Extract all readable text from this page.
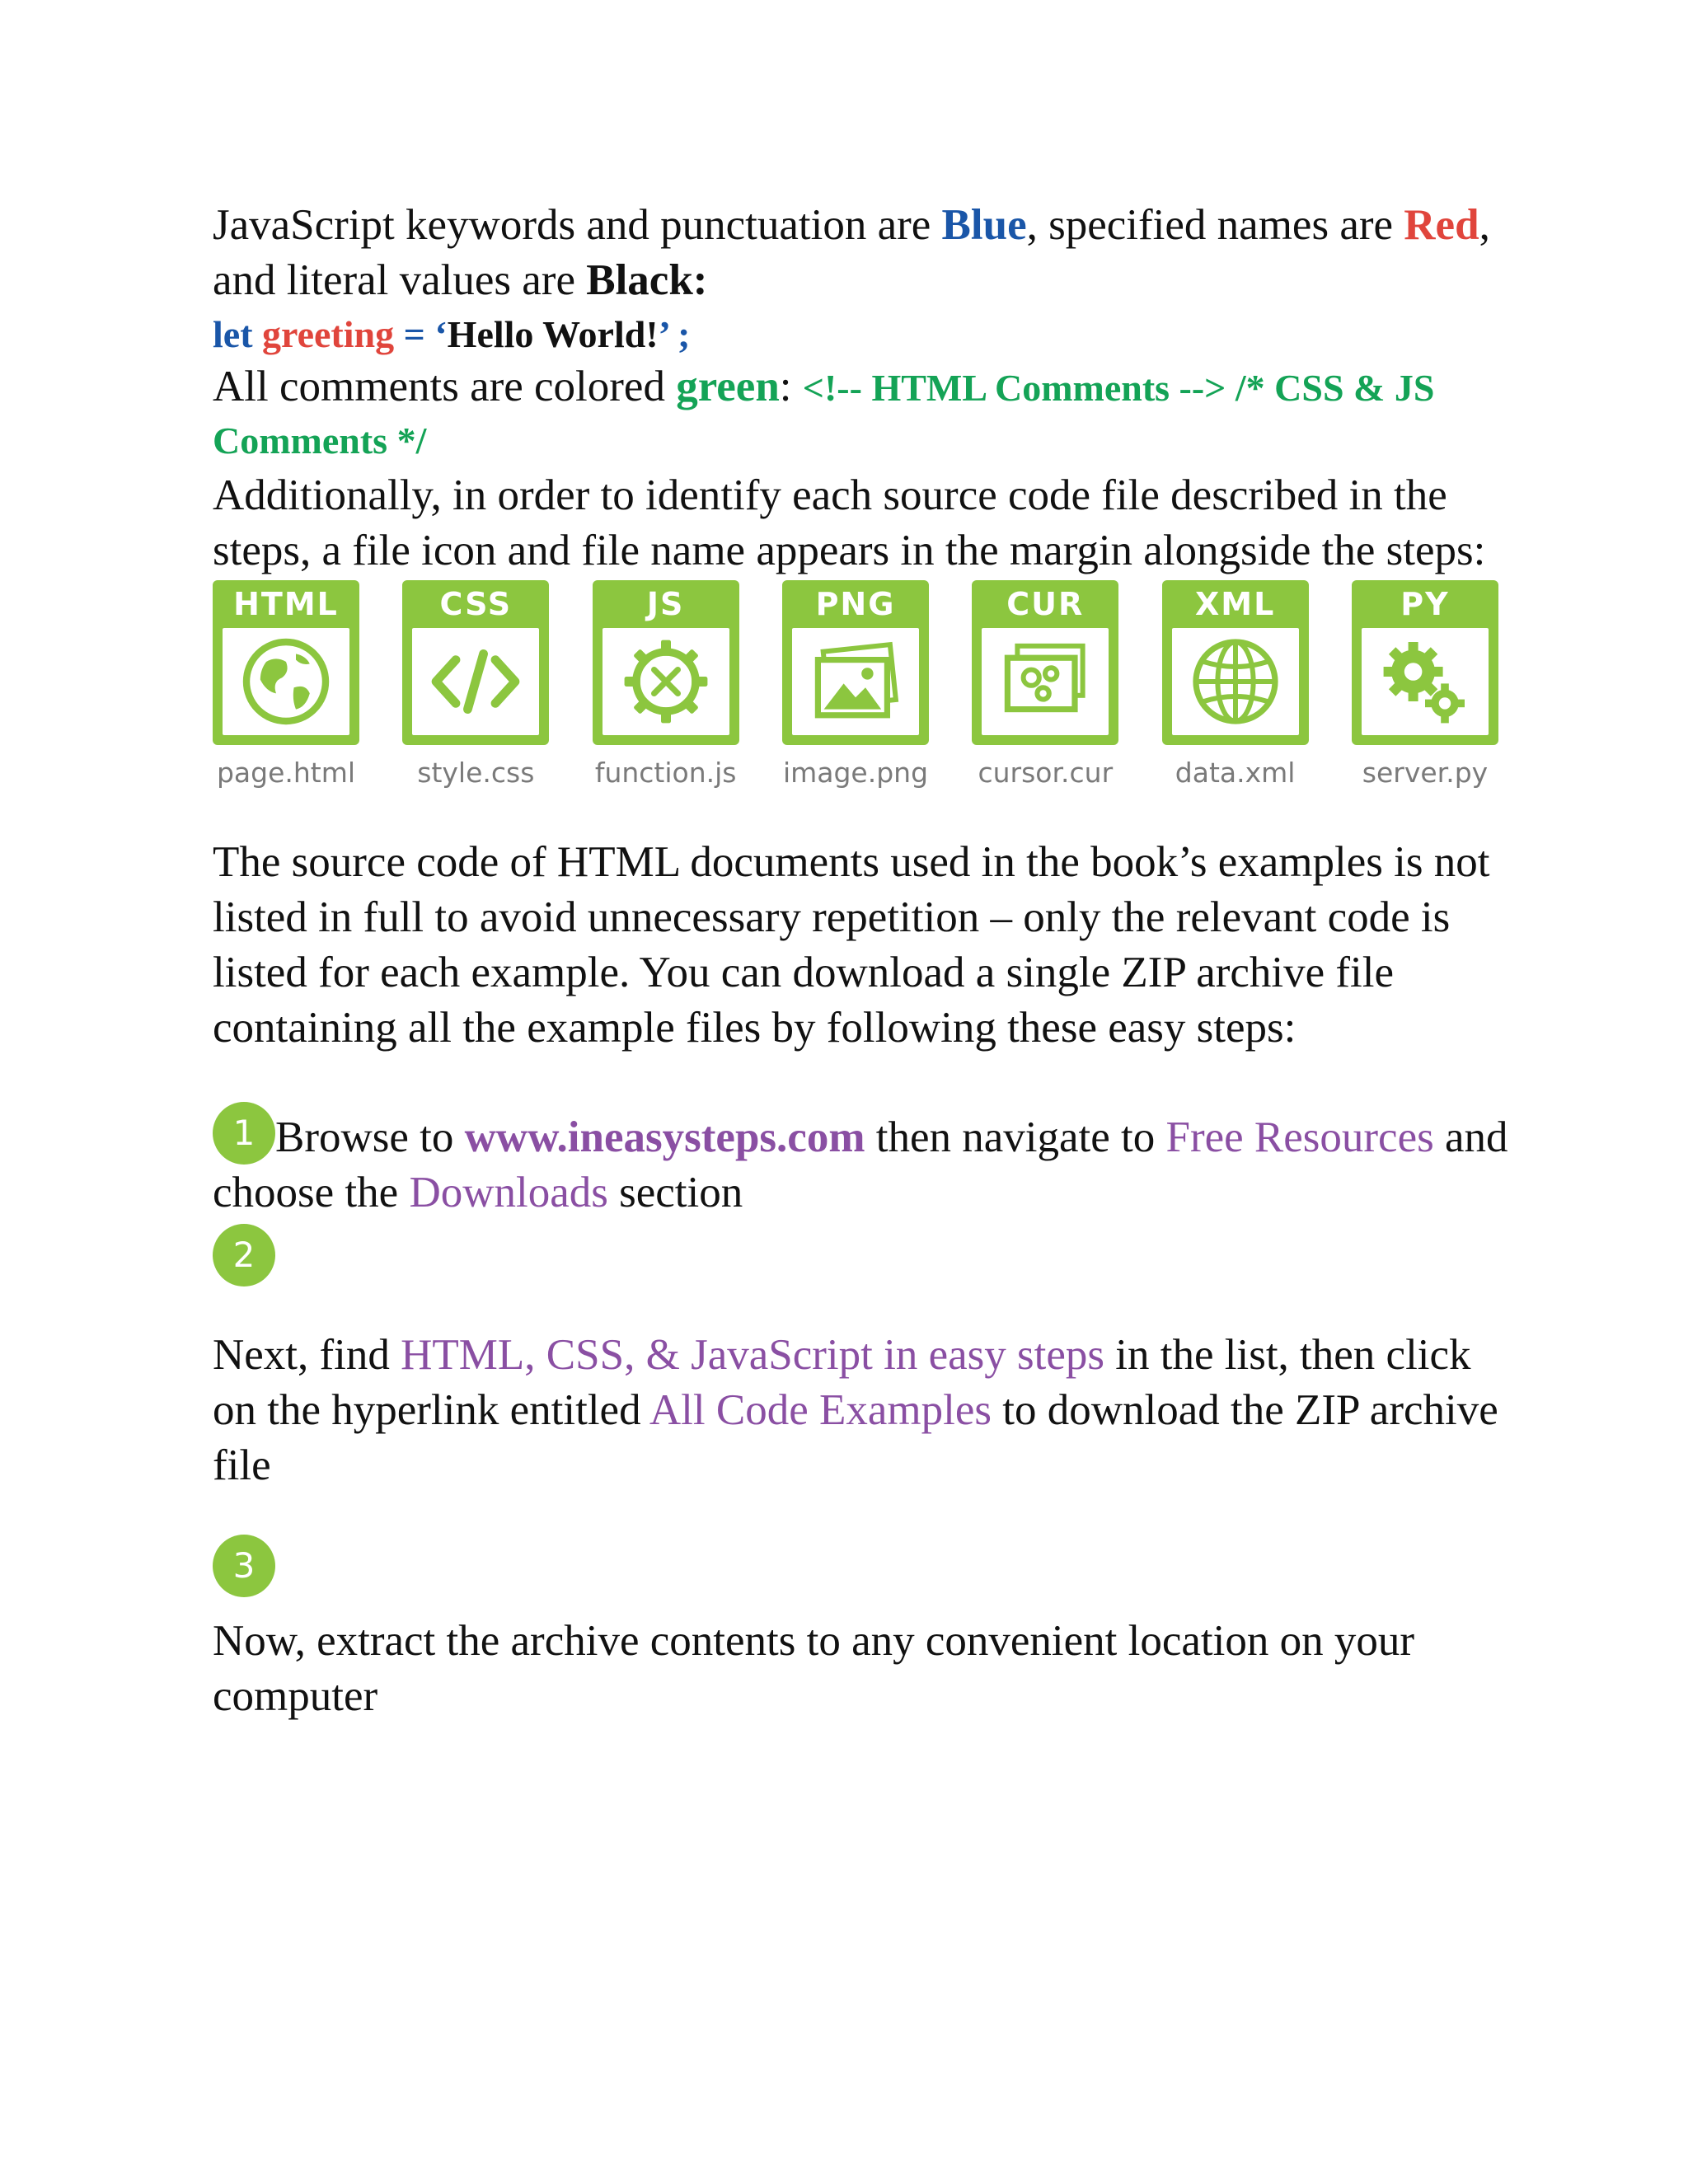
JavaScript keywords and punctuation are Blue, specified names are Red, and literal values are Black:

let greeting = ‘Hello World!’ ;

All comments are colored green: <!-- HTML Comments --> /* CSS & JS Comments */

Additionally, in order to identify each source code file described in the steps, a file icon and file name appears in the margin alongside the steps:

HTML
page.html
CSS
style.css
JS
function.js
PNG
image.png
CUR
cursor.cur
XML
data.xml
PY
server.py

The source code of HTML documents used in the book’s examples is not listed in full to avoid unnecessary repetition – only the relevant code is listed for each example. You can download a single ZIP archive file containing all the example files by following these easy steps:

1 Browse to www.ineasysteps.com then navigate to Free Resources and choose the Downloads section

2

Next, find HTML, CSS, & JavaScript in easy steps in the list, then click on the hyperlink entitled All Code Examples to download the ZIP archive file

3

Now, extract the archive contents to any convenient location on your computer
